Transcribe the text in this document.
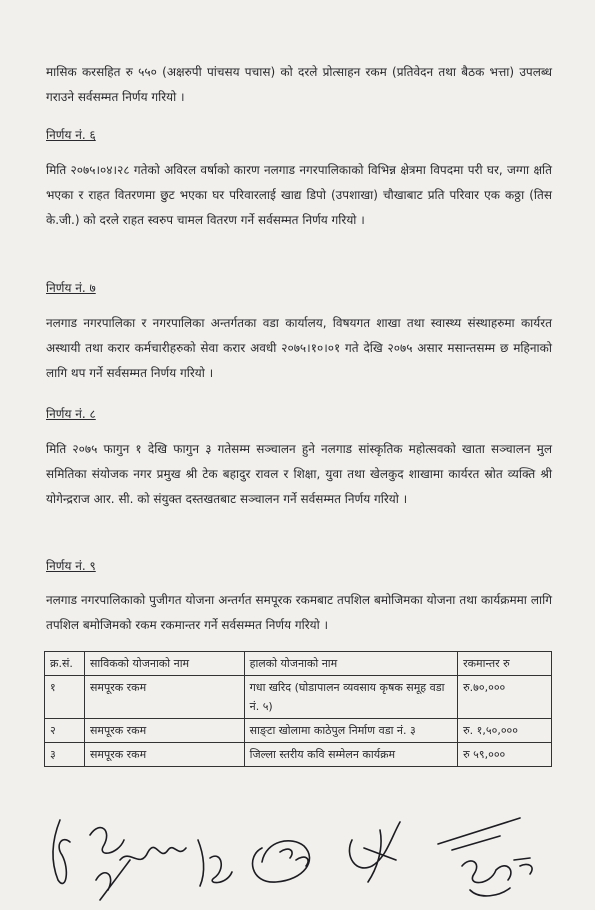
मासिक करसहित रु ५५० (अक्षरुपी पांचसय पचास) को दरले प्रोत्साहन रकम (प्रतिवेदन तथा बैठक भत्ता) उपलब्ध गराउने सर्वसम्मत निर्णय गरियो ।

निर्णय नं. ६

मिति २०७५।०४।२८ गतेको अविरल वर्षाको कारण नलगाड नगरपालिकाको विभिन्न क्षेत्रमा विपदमा परी घर, जग्गा क्षति भएका र राहत वितरणमा छुट भएका घर परिवारलाई खाद्य डिपो (उपशाखा) चौखाबाट प्रति परिवार एक कठ्ठा (तिस के.जी.) को दरले राहत स्वरुप चामल वितरण गर्ने सर्वसम्मत निर्णय गरियो ।

निर्णय नं. ७

नलगाड नगरपालिका र नगरपालिका अन्तर्गतका वडा कार्यालय, विषयगत शाखा तथा स्वास्थ्य संस्थाहरुमा कार्यरत अस्थायी तथा करार कर्मचारीहरुको सेवा करार अवधी २०७५।१०।०१ गते देखि २०७५ असार मसान्तसम्म छ महिनाको लागि थप गर्ने सर्वसम्मत निर्णय गरियो ।

निर्णय नं. ८

मिति २०७५ फागुन १ देखि फागुन ३ गतेसम्म सञ्चालन हुने नलगाड सांस्कृतिक महोत्सवको खाता सञ्चालन मुल समितिका संयोजक नगर प्रमुख श्री टेक बहादुर रावल र शिक्षा, युवा तथा खेलकुद शाखामा कार्यरत स्रोत व्यक्ति श्री योगेन्द्रराज आर. सी. को संयुक्त दस्तखतबाट सञ्चालन गर्ने सर्वसम्मत निर्णय गरियो ।

निर्णय नं. ९

नलगाड नगरपालिकाको पुजीगत योजना अन्तर्गत समपूरक रकमबाट तपशिल बमोजिमका योजना तथा कार्यक्रममा लागि तपशिल बमोजिमको रकम रकमान्तर गर्ने सर्वसम्मत निर्णय गरियो ।

क्र.सं.	साविकको योजनाको नाम	हालको योजनाको नाम	रकमान्तर रु
१	समपूरक रकम	गधा खरिद (घोडापालन व्यवसाय कृषक समूह वडा नं. ५)	रु.७०,०००
२	समपूरक रकम	साङ्टा खोलामा काठेपुल निर्माण वडा नं. ३	रु. १,५०,०००
३	समपूरक रकम	जिल्ला स्तरीय कवि सम्मेलन कार्यक्रम	रु ५९,०००
